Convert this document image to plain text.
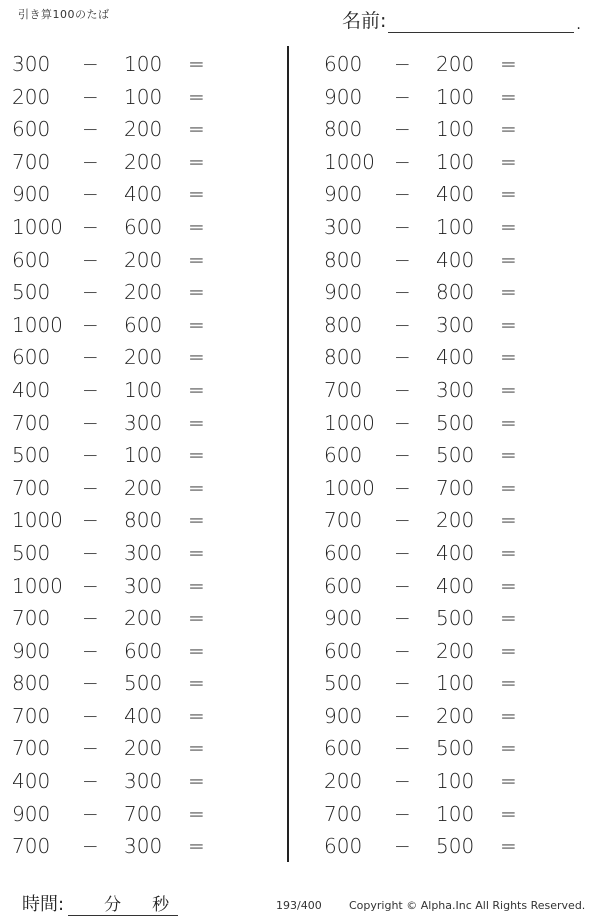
引き算100のたば	名前:	.
300 − 100 =
200 − 100 =
600 − 200 =
700 − 200 =
900 − 400 =
1000 − 600 =
600 − 200 =
500 − 200 =
1000 − 600 =
600 − 200 =
400 − 100 =
700 − 300 =
500 − 100 =
700 − 200 =
1000 − 800 =
500 − 300 =
1000 − 300 =
700 − 200 =
900 − 600 =
800 − 500 =
700 − 400 =
700 − 200 =
400 − 300 =
900 − 700 =
700 − 300 =
600 − 200 =
900 − 100 =
800 − 100 =
1000 − 100 =
900 − 400 =
300 − 100 =
800 − 400 =
900 − 800 =
800 − 300 =
800 − 400 =
700 − 300 =
1000 − 500 =
600 − 500 =
1000 − 700 =
700 − 200 =
600 − 400 =
600 − 400 =
900 − 500 =
600 − 200 =
500 − 100 =
900 − 200 =
600 − 500 =
200 − 100 =
700 − 100 =
600 − 500 =
時間: 分 秒	193/400 Copyright © Alpha.Inc All Rights Reserved.
